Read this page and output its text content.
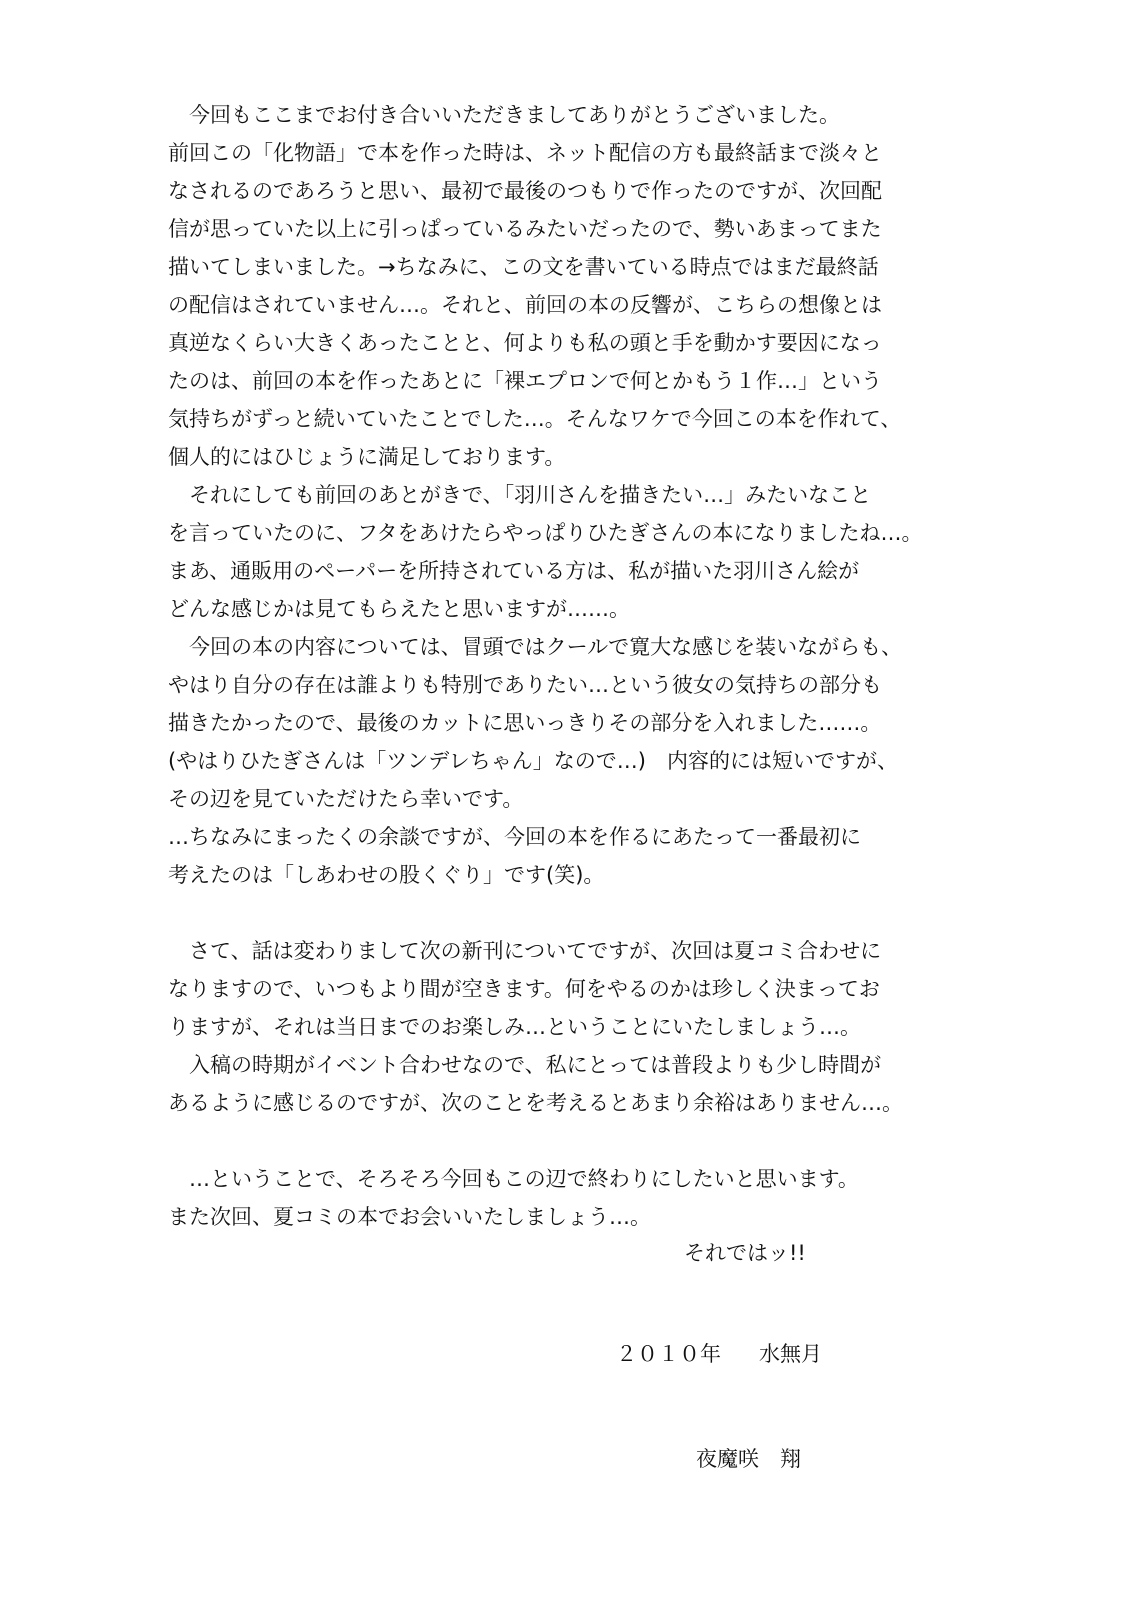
　今回もここまでお付き合いいただきましてありがとうございました。

前回この「化物語」で本を作った時は、ネット配信の方も最終話まで淡々と

なされるのであろうと思い、最初で最後のつもりで作ったのですが、次回配

信が思っていた以上に引っぱっているみたいだったので、勢いあまってまた

描いてしまいました。→ちなみに、この文を書いている時点ではまだ最終話

の配信はされていません…。それと、前回の本の反響が、こちらの想像とは

真逆なくらい大きくあったことと、何よりも私の頭と手を動かす要因になっ

たのは、前回の本を作ったあとに「裸エプロンで何とかもう１作…」という

気持ちがずっと続いていたことでした…。そんなワケで今回この本を作れて、

個人的にはひじょうに満足しております。

　それにしても前回のあとがきで、「羽川さんを描きたい…」みたいなこと

を言っていたのに、フタをあけたらやっぱりひたぎさんの本になりましたね…。

まあ、通販用のペーパーを所持されている方は、私が描いた羽川さん絵が

どんな感じかは見てもらえたと思いますが……。

　今回の本の内容については、冒頭ではクールで寛大な感じを装いながらも、

やはり自分の存在は誰よりも特別でありたい…という彼女の気持ちの部分も

描きたかったので、最後のカットに思いっきりその部分を入れました……。

(やはりひたぎさんは「ツンデレちゃん」なので…)　内容的には短いですが、

その辺を見ていただけたら幸いです。

…ちなみにまったくの余談ですが、今回の本を作るにあたって一番最初に

考えたのは「しあわせの股くぐり」です(笑)。

　さて、話は変わりまして次の新刊についてですが、次回は夏コミ合わせに

なりますので、いつもより間が空きます。何をやるのかは珍しく決まってお

りますが、それは当日までのお楽しみ…ということにいたしましょう…。

　入稿の時期がイベント合わせなので、私にとっては普段よりも少し時間が

あるように感じるのですが、次のことを考えるとあまり余裕はありません…。

　…ということで、そろそろ今回もこの辺で終わりにしたいと思います。

また次回、夏コミの本でお会いいたしましょう…。

それではッ!!
２０１０年 水無月
夜魔咲　翔
